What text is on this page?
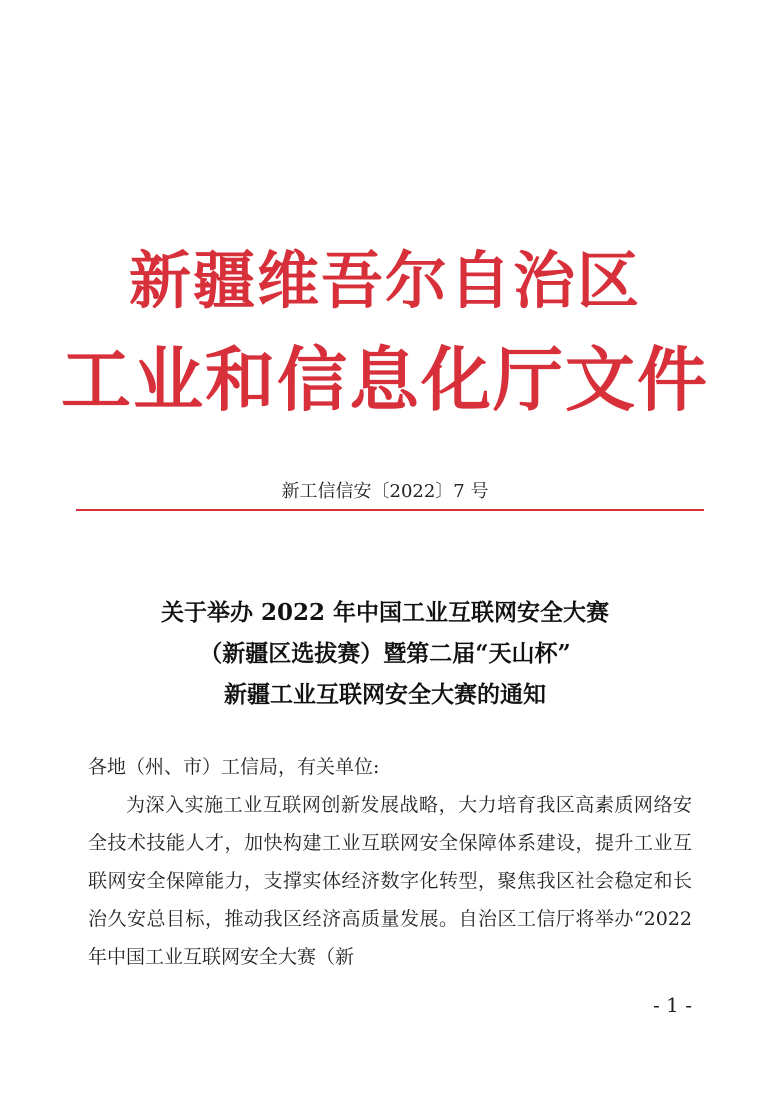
新疆维吾尔自治区
工业和信息化厅文件
新工信信安〔2022〕7 号
关于举办 2022 年中国工业互联网安全大赛
（新疆区选拔赛）暨第二届“天山杯”
新疆工业互联网安全大赛的通知
各地（州、市）工信局，有关单位:
为深入实施工业互联网创新发展战略，大力培育我区高素质网络安全技术技能人才，加快构建工业互联网安全保障体系建设，提升工业互联网安全保障能力，支撑实体经济数字化转型，聚焦我区社会稳定和长治久安总目标，推动我区经济高质量发展。自治区工信厅将举办“2022 年中国工业互联网安全大赛（新
- 1 -
